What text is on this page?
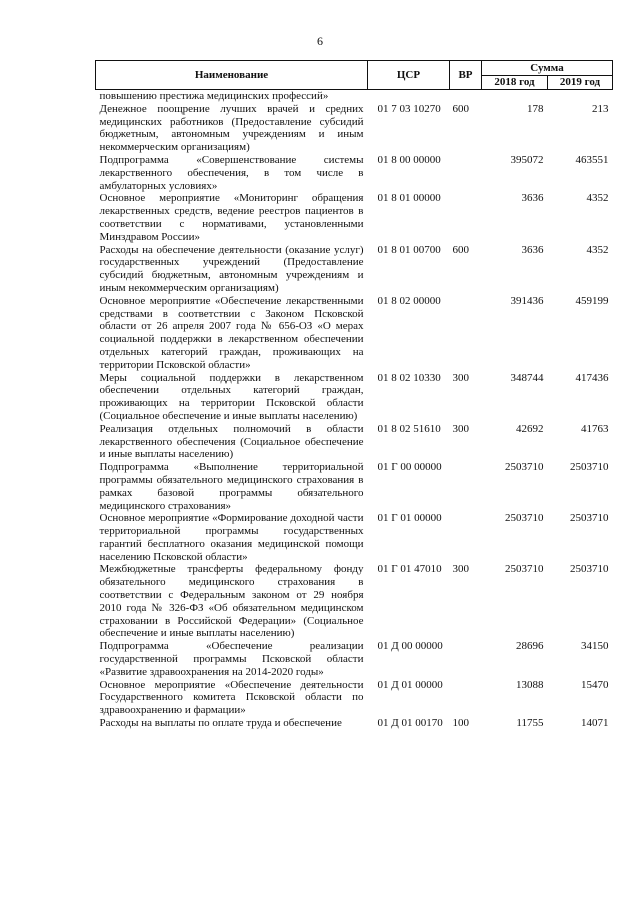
6
Наименование	ЦСР	ВР	Сумма	
			2018 год	2019 год
повышению престижа медицинских профессий»				
Денежное поощрение лучших врачей и средних медицинских работников (Предоставление субсидий бюджетным, автономным учреждениям и иным некоммерческим организациям)	01 7 03 10270	600	178	213
Подпрограмма «Совершенствование системы лекарственного обеспечения, в том числе в амбулаторных условиях»	01 8 00 00000		395072	463551
Основное мероприятие «Мониторинг обращения лекарственных средств, ведение реестров пациентов в соответствии с нормативами, установленными Минздравом России»	01 8 01 00000		3636	4352
Расходы на обеспечение деятельности (оказание услуг) государственных учреждений (Предоставление субсидий бюджетным, автономным учреждениям и иным некоммерческим организациям)	01 8 01 00700	600	3636	4352
Основное мероприятие «Обеспечение лекарственными средствами в соответствии с Законом Псковской области от 26 апреля 2007 года № 656-ОЗ «О мерах социальной поддержки в лекарственном обеспечении отдельных категорий граждан, проживающих на территории Псковской области»	01 8 02 00000		391436	459199
Меры социальной поддержки в лекарственном обеспечении отдельных категорий граждан, проживающих на территории Псковской области (Социальное обеспечение и иные выплаты населению)	01 8 02 10330	300	348744	417436
Реализация отдельных полномочий в области лекарственного обеспечения (Социальное обеспечение и иные выплаты населению)	01 8 02 51610	300	42692	41763
Подпрограмма «Выполнение территориальной программы обязательного медицинского страхования в рамках базовой программы обязательного медицинского страхования»	01 Г 00 00000		2503710	2503710
Основное мероприятие «Формирование доходной части территориальной программы государственных гарантий бесплатного оказания медицинской помощи населению Псковской области»	01 Г 01 00000		2503710	2503710
Межбюджетные трансферты федеральному фонду обязательного медицинского страхования в соответствии с Федеральным законом от 29 ноября 2010 года № 326-ФЗ «Об обязательном медицинском страховании в Российской Федерации» (Социальное обеспечение и иные выплаты населению)	01 Г 01 47010	300	2503710	2503710
Подпрограмма «Обеспечение реализации государственной программы Псковской области «Развитие здравоохранения на 2014-2020 годы»	01 Д 00 00000		28696	34150
Основное мероприятие «Обеспечение деятельности Государственного комитета Псковской области по здравоохранению и фармации»	01 Д 01 00000		13088	15470
Расходы на выплаты по оплате труда и обеспечение	01 Д 01 00170	100	11755	14071
